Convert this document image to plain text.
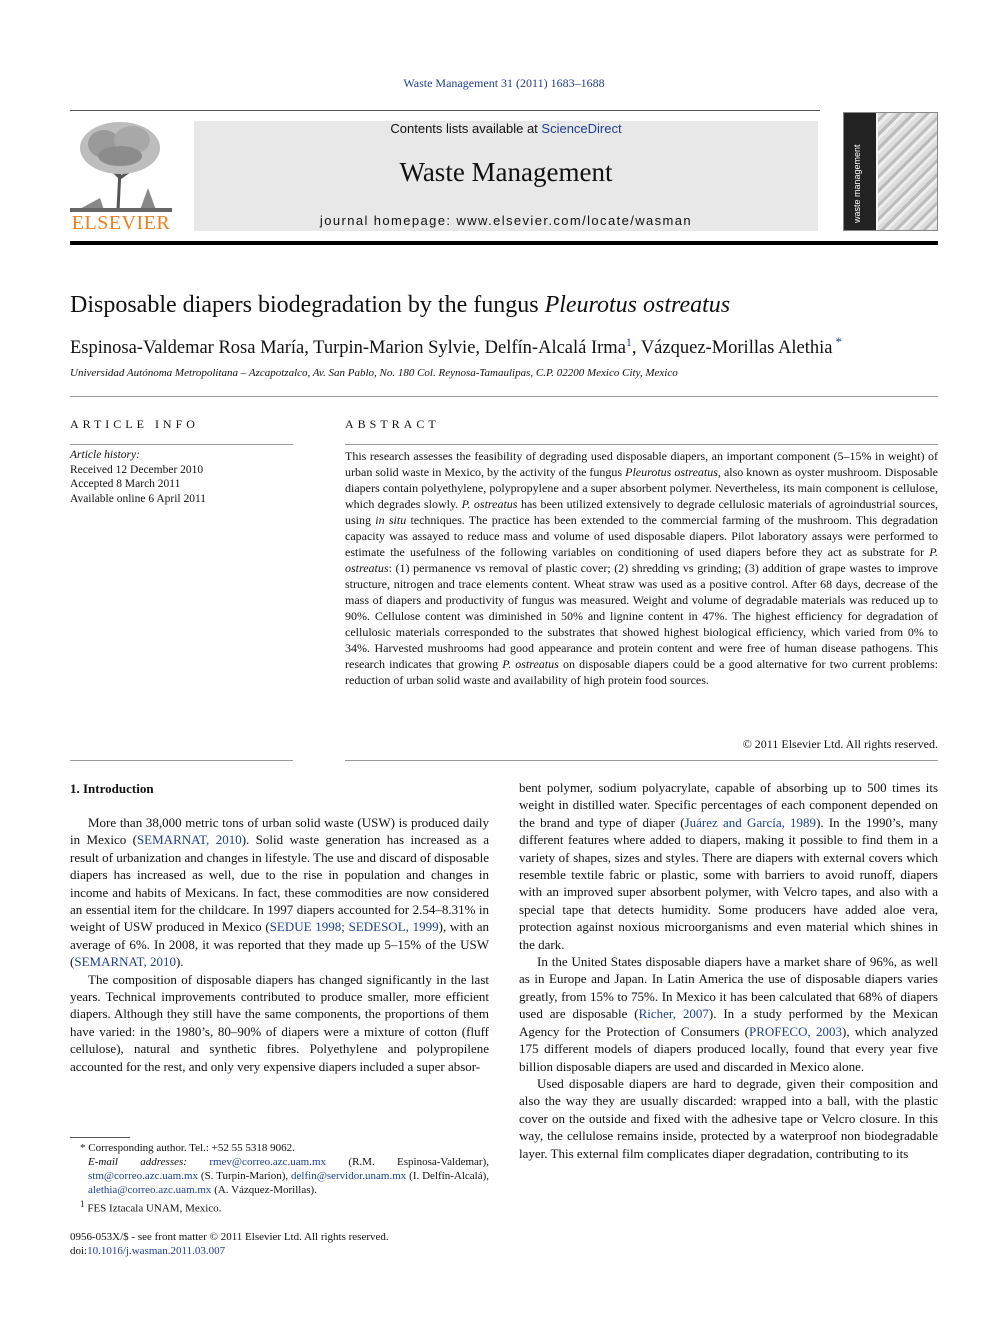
Waste Management 31 (2011) 1683–1688
ELSEVIER
Contents lists available at ScienceDirect
Waste Management
journal homepage: www.elsevier.com/locate/wasman	waste management
Disposable diapers biodegradation by the fungus Pleurotus ostreatus
Espinosa-Valdemar Rosa María, Turpin-Marion Sylvie, Delfín-Alcalá Irma$^1$, Vázquez-Morillas Alethia *
Universidad Autónoma Metropolitana – Azcapotzalco, Av. San Pablo, No. 180 Col. Reynosa-Tamaulipas, C.P. 02200 Mexico City, Mexico
ARTICLE INFO
Article history:
Received 12 December 2010
Accepted 8 March 2011
Available online 6 April 2011
ABSTRACT
This research assesses the feasibility of degrading used disposable diapers, an important component (5–15% in weight) of urban solid waste in Mexico, by the activity of the fungus Pleurotus ostreatus, also known as oyster mushroom. Disposable diapers contain polyethylene, polypropylene and a super absorbent polymer. Nevertheless, its main component is cellulose, which degrades slowly. P. ostreatus has been utilized extensively to degrade cellulosic materials of agroindustrial sources, using in situ techniques. The practice has been extended to the commercial farming of the mushroom. This degradation capacity was assayed to reduce mass and volume of used disposable diapers. Pilot laboratory assays were performed to estimate the usefulness of the following variables on conditioning of used diapers before they act as substrate for P. ostreatus: (1) permanence vs removal of plastic cover; (2) shredding vs grinding; (3) addition of grape wastes to improve structure, nitrogen and trace elements content. Wheat straw was used as a positive control. After 68 days, decrease of the mass of diapers and productivity of fungus was measured. Weight and volume of degradable materials was reduced up to 90%. Cellulose content was diminished in 50% and lignine content in 47%. The highest efficiency for degradation of cellulosic materials corresponded to the substrates that showed highest biological efficiency, which varied from 0% to 34%. Harvested mushrooms had good appearance and protein content and were free of human disease pathogens. This research indicates that growing P. ostreatus on disposable diapers could be a good alternative for two current problems: reduction of urban solid waste and availability of high protein food sources.
© 2011 Elsevier Ltd. All rights reserved.
1. Introduction

More than 38,000 metric tons of urban solid waste (USW) is produced daily in Mexico (SEMARNAT, 2010). Solid waste generation has increased as a result of urbanization and changes in lifestyle. The use and discard of disposable diapers has increased as well, due to the rise in population and changes in income and habits of Mexicans. In fact, these commodities are now considered an essential item for the childcare. In 1997 diapers accounted for 2.54–8.31% in weight of USW produced in Mexico (SEDUE 1998; SEDESOL, 1999), with an average of 6%. In 2008, it was reported that they made up 5–15% of the USW (SEMARNAT, 2010).

The composition of disposable diapers has changed significantly in the last years. Technical improvements contributed to produce smaller, more efficient diapers. Although they still have the same components, the proportions of them have varied: in the 1980’s, 80–90% of diapers were a mixture of cotton (fluff cellulose), natural and synthetic fibres. Polyethylene and polypropilene accounted for the rest, and only very expensive diapers included a super absor-

bent polymer, sodium polyacrylate, capable of absorbing up to 500 times its weight in distilled water. Specific percentages of each component depended on the brand and type of diaper (Juárez and García, 1989). In the 1990’s, many different features where added to diapers, making it possible to find them in a variety of shapes, sizes and styles. There are diapers with external covers which resemble textile fabric or plastic, some with barriers to avoid runoff, diapers with an improved super absorbent polymer, with Velcro tapes, and also with a special tape that detects humidity. Some producers have added aloe vera, protection against noxious microorganisms and even material which shines in the dark.

In the United States disposable diapers have a market share of 96%, as well as in Europe and Japan. In Latin America the use of disposable diapers varies greatly, from 15% to 75%. In Mexico it has been calculated that 68% of diapers used are disposable (Richer, 2007). In a study performed by the Mexican Agency for the Protection of Consumers (PROFECO, 2003), which analyzed 175 different models of diapers produced locally, found that every year five billion disposable diapers are used and discarded in Mexico alone.

Used disposable diapers are hard to degrade, given their composition and also the way they are usually discarded: wrapped into a ball, with the plastic cover on the outside and fixed with the adhesive tape or Velcro closure. In this way, the cellulose remains inside, protected by a waterproof non biodegradable layer. This external film complicates diaper degradation, contributing to its

* Corresponding author. Tel.: +52 55 5318 9062.
E-mail addresses: rmev@correo.azc.uam.mx (R.M. Espinosa-Valdemar), stm@correo.azc.uam.mx (S. Turpin-Marion), delfin@servidor.unam.mx (I. Delfín-Alcalá), alethia@correo.azc.uam.mx (A. Vázquez-Morillas).
$^1$ FES Iztacala UNAM, Mexico.
0956-053X/$ - see front matter © 2011 Elsevier Ltd. All rights reserved.
doi:10.1016/j.wasman.2011.03.007
